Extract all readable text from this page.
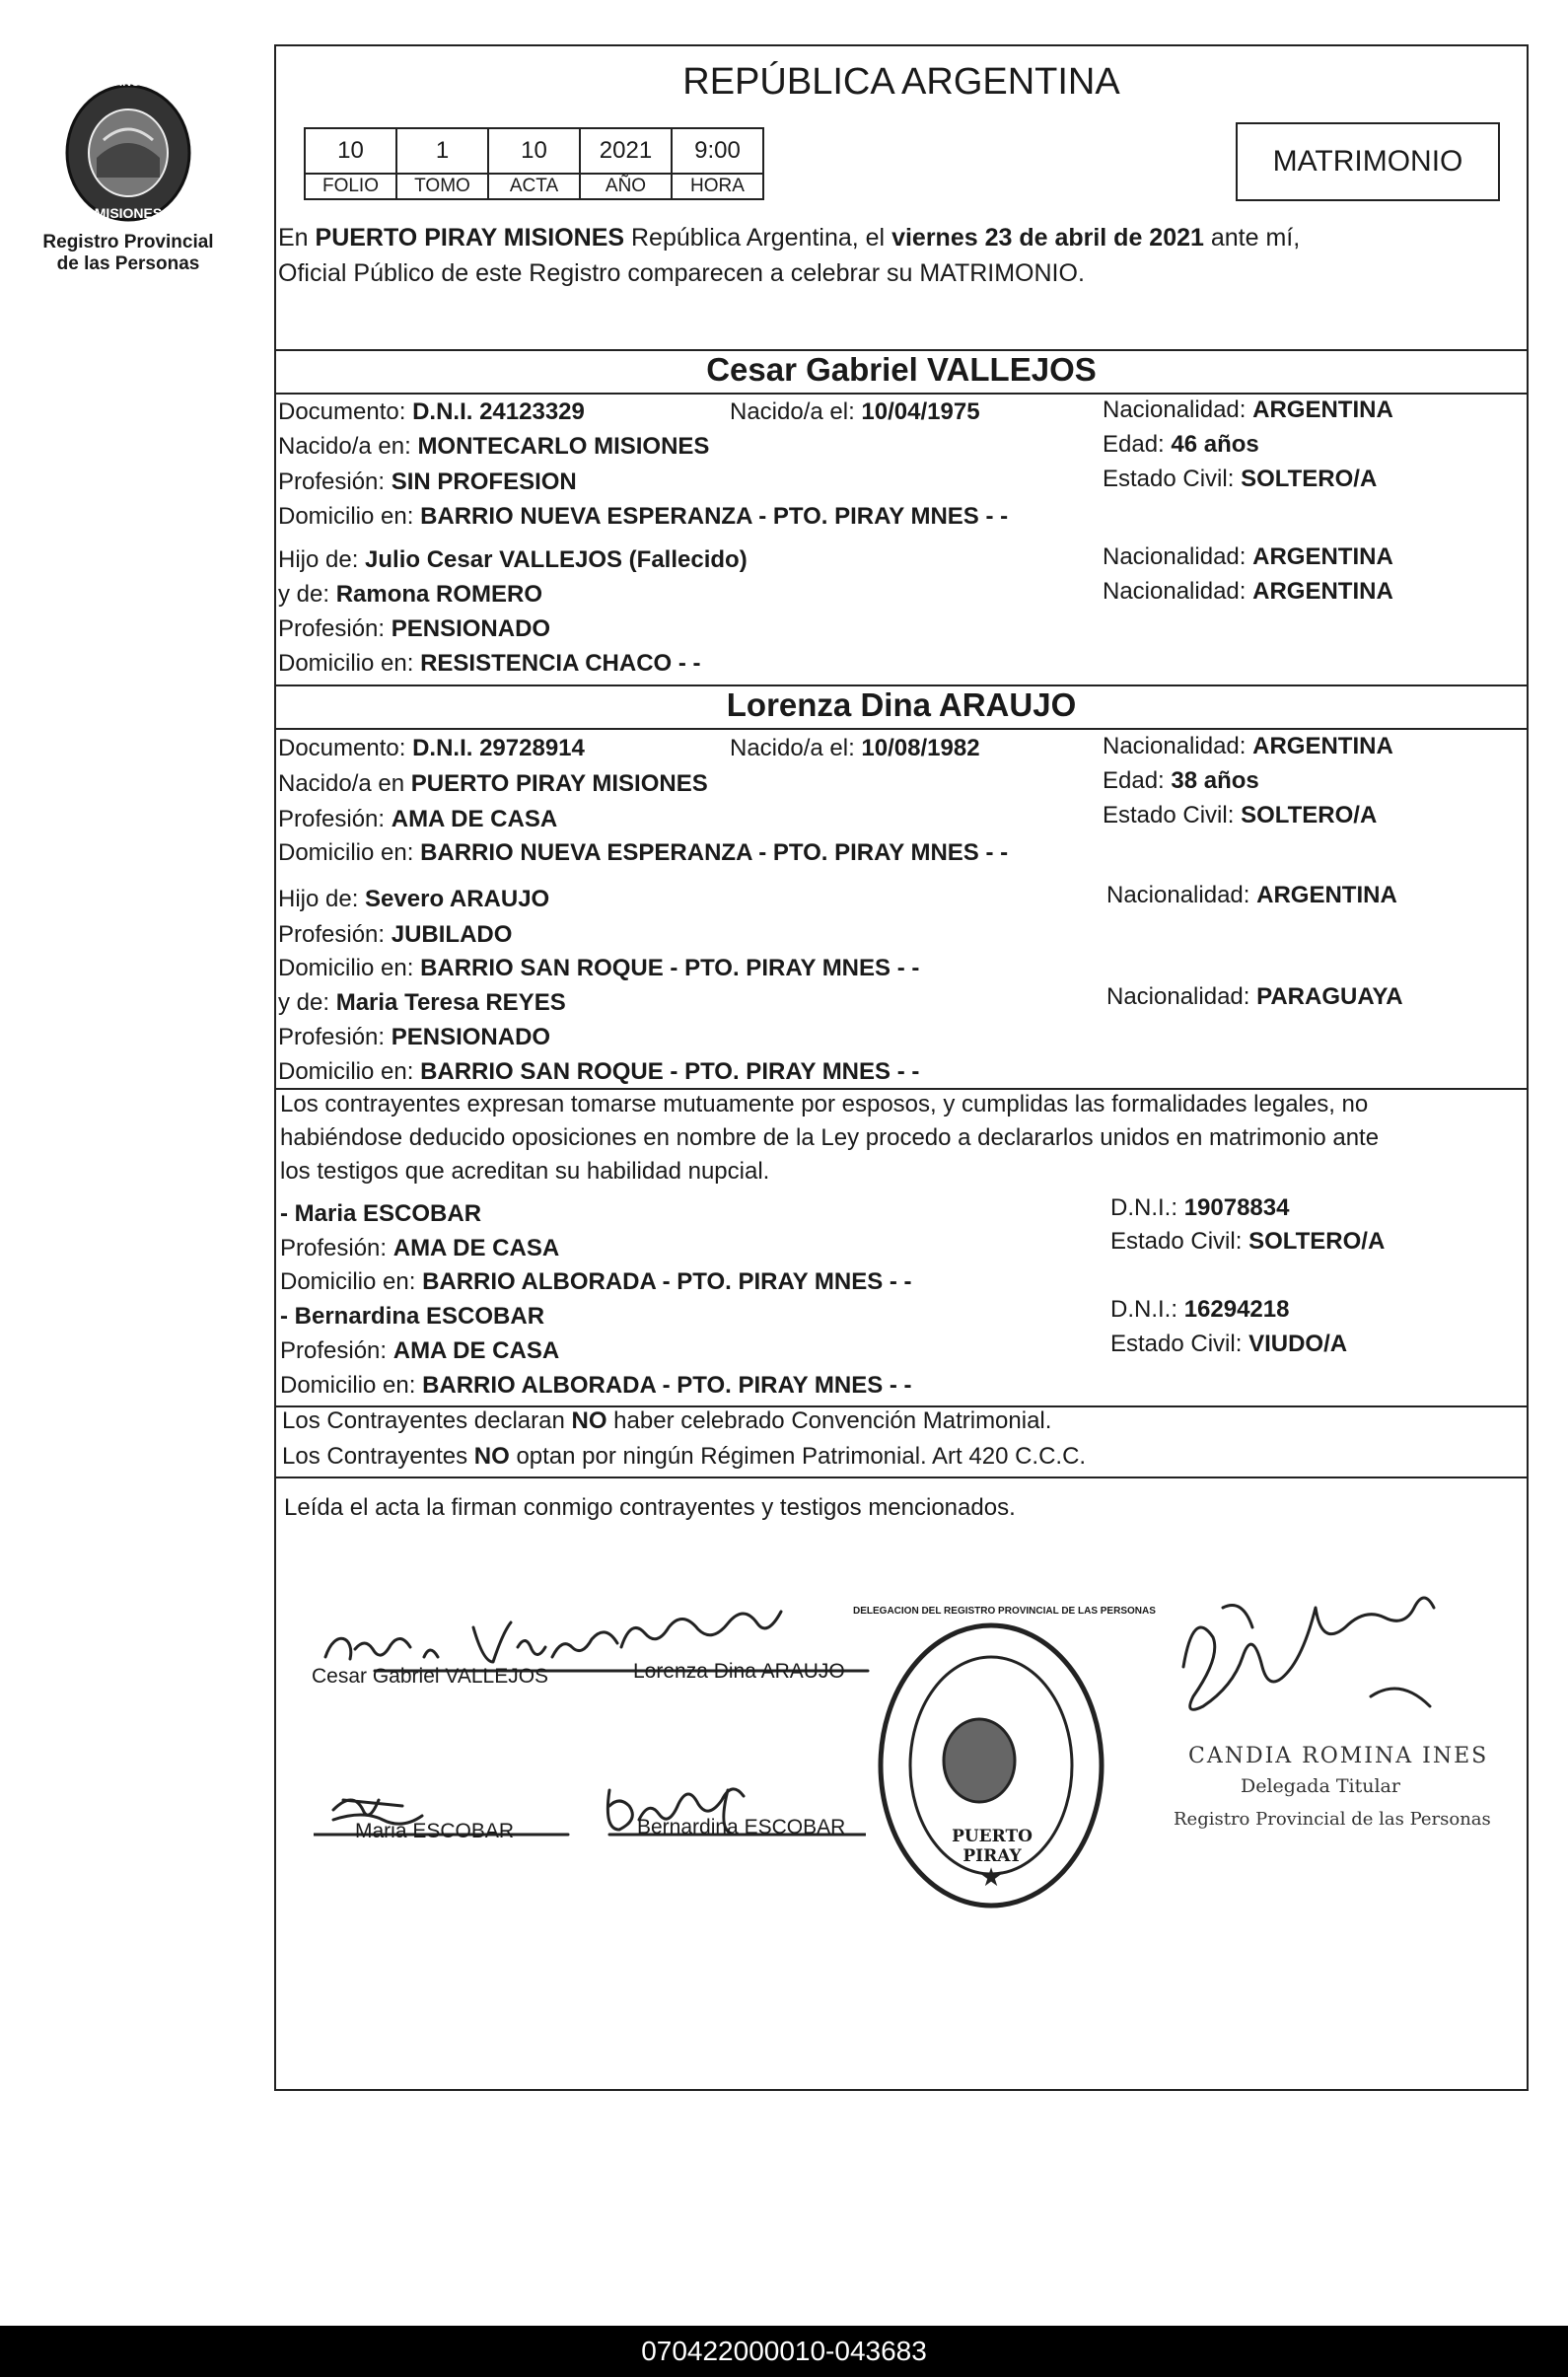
PROVINCIA DE
MISIONES
Registro Provincial
de las Personas
REPÚBLICA ARGENTINA
10	1	10	2021	9:00
FOLIO	TOMO	ACTA	AÑO	HORA
MATRIMONIO
En PUERTO PIRAY MISIONES República Argentina, el viernes 23 de abril de 2021 ante mí,
Oficial Público de este Registro comparecen a celebrar su MATRIMONIO.
Cesar Gabriel VALLEJOS
Documento: D.N.I. 24123329	Nacido/a el: 10/04/1975	Nacionalidad: ARGENTINA
Nacido/a en: MONTECARLO MISIONES	Edad: 46 años
Profesión: SIN PROFESION	Estado Civil: SOLTERO/A
Domicilio en: BARRIO NUEVA ESPERANZA - PTO. PIRAY MNES - -
Hijo de: Julio Cesar VALLEJOS (Fallecido)	Nacionalidad: ARGENTINA
y de: Ramona ROMERO	Nacionalidad: ARGENTINA
Profesión: PENSIONADO
Domicilio en: RESISTENCIA CHACO - -
Lorenza Dina ARAUJO
Documento: D.N.I. 29728914	Nacido/a el: 10/08/1982	Nacionalidad: ARGENTINA
Nacido/a en PUERTO PIRAY MISIONES	Edad: 38 años
Profesión: AMA DE CASA	Estado Civil: SOLTERO/A
Domicilio en: BARRIO NUEVA ESPERANZA - PTO. PIRAY MNES - -
Hijo de: Severo ARAUJO	Nacionalidad: ARGENTINA
Profesión: JUBILADO
Domicilio en: BARRIO SAN ROQUE - PTO. PIRAY MNES - -
y de: Maria Teresa REYES	Nacionalidad: PARAGUAYA
Profesión: PENSIONADO
Domicilio en: BARRIO SAN ROQUE - PTO. PIRAY MNES - -
Los contrayentes expresan tomarse mutuamente por esposos, y cumplidas las formalidades legales, no
habiéndose deducido oposiciones en nombre de la Ley procedo a declararlos unidos en matrimonio ante
los testigos que acreditan su habilidad nupcial.
- Maria ESCOBAR	D.N.I.: 19078834
Profesión: AMA DE CASA	Estado Civil: SOLTERO/A
Domicilio en: BARRIO ALBORADA - PTO. PIRAY MNES - -
- Bernardina ESCOBAR	D.N.I.: 16294218
Profesión: AMA DE CASA	Estado Civil: VIUDO/A
Domicilio en: BARRIO ALBORADA - PTO. PIRAY MNES - -
Los Contrayentes declaran NO haber celebrado Convención Matrimonial.
Los Contrayentes NO optan por ningún Régimen Patrimonial. Art 420 C.C.C.
Leída el acta la firman conmigo contrayentes y testigos mencionados.
Cesar Gabriel VALLEJOS	Lorenza Dina ARAUJO
Maria ESCOBAR	Bernardina ESCOBAR
★
DELEGACION DEL REGISTRO PROVINCIAL DE LAS PERSONAS
PUERTO PIRAY
CANDIA ROMINA INES
Delegada Titular
Registro Provincial de las Personas
070422000010-043683
